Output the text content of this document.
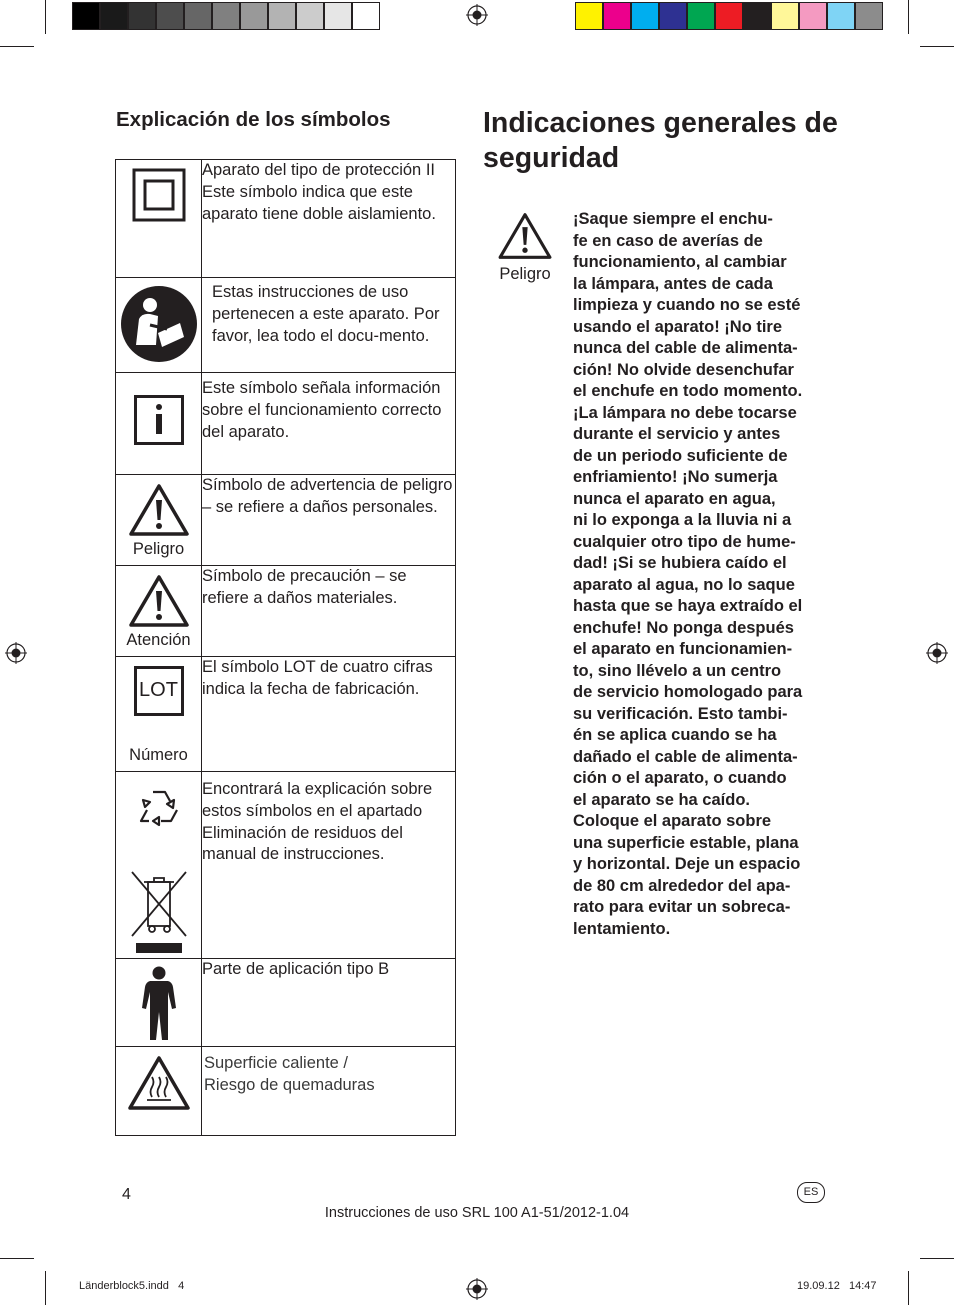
Explicación de los símbolos
	Aparato del tipo de protección II
Este símbolo indica que este aparato tiene doble aislamiento.

	Estas instrucciones de uso pertenecen a este aparato. Por favor, lea todo el docu-mento.

	Este símbolo señala información sobre el funcionamiento correcto del aparato.

Peligro	Símbolo de advertencia de peligro – se refiere a daños personales.

Atención	Símbolo de precaución – se refiere a daños materiales.

LOT
Número	El símbolo LOT de cuatro cifras indica la fecha de fabricación.

	Encontrará la explicación sobre estos símbolos en el apartado Eliminación de residuos del manual de instrucciones.

	Parte de aplicación tipo B

	Superficie caliente /
Riesgo de quemaduras
Indicaciones generales de seguridad
Peligro

¡Saque siempre el enchu-
fe en caso de averías de
funcionamiento, al cambiar
la lámpara, antes de cada
limpieza y cuando no se esté
usando el aparato! ¡No tire
nunca del cable de alimenta-
ción! No olvide desenchufar
el enchufe en todo momento.
¡La lámpara no debe tocarse
durante el servicio y antes
de un periodo suficiente de
enfriamiento! ¡No sumerja
nunca el aparato en agua,
ni lo exponga a la lluvia ni a
cualquier otro tipo de hume-
dad! ¡Si se hubiera caído el
aparato al agua, no lo saque
hasta que se haya extraído el
enchufe! No ponga después
el aparato en funcionamien-
to, sino llévelo a un centro
de servicio homologado para
su verificación. Esto tambi-
én se aplica cuando se ha
dañado el cable de alimenta-
ción o el aparato, o cuando
el aparato se ha caído.
Coloque el aparato sobre
una superficie estable, plana
y horizontal. Deje un espacio
de 80 cm alrededor del apa-
rato para evitar un sobreca-
lentamiento.

4	ES
Instrucciones de uso SRL 100 A1-51/2012-1.04
Länderblock5.indd   4	19.09.12   14:47
